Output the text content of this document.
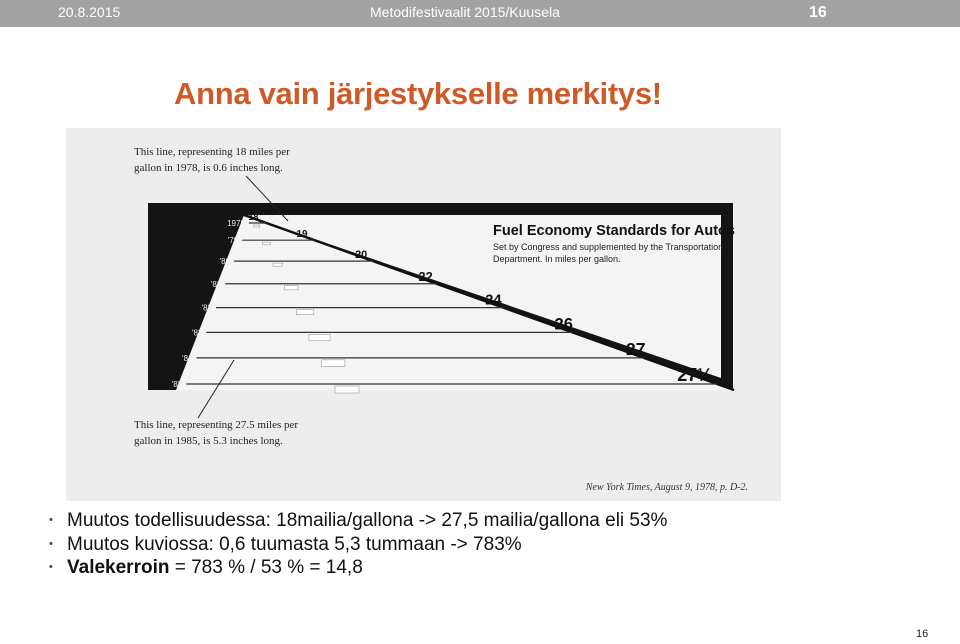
20.8.2015	Metodifestivaalit 2015/Kuusela	16
Anna vain järjestykselle merkitys!
1978
18
'79
19
'80
20
'81
22
'82	24
'83	26
'84	27
'85	27½
Fuel Economy Standards for Autos
Set by Congress and supplemented by the Transportation
Department. In miles per gallon.
This line, representing 18 miles per
gallon in 1978, is 0.6 inches long.
This line, representing 27.5 miles per
gallon in 1985, is 5.3 inches long.
New York Times, August 9, 1978, p. D-2.
• Muutos todellisuudessa: 18mailia/gallona -> 27,5 mailia/gallona eli 53%
• Muutos kuviossa: 0,6 tuumasta 5,3 tummaan -> 783%
• Valekerroin = 783 % / 53 % = 14,8
16
